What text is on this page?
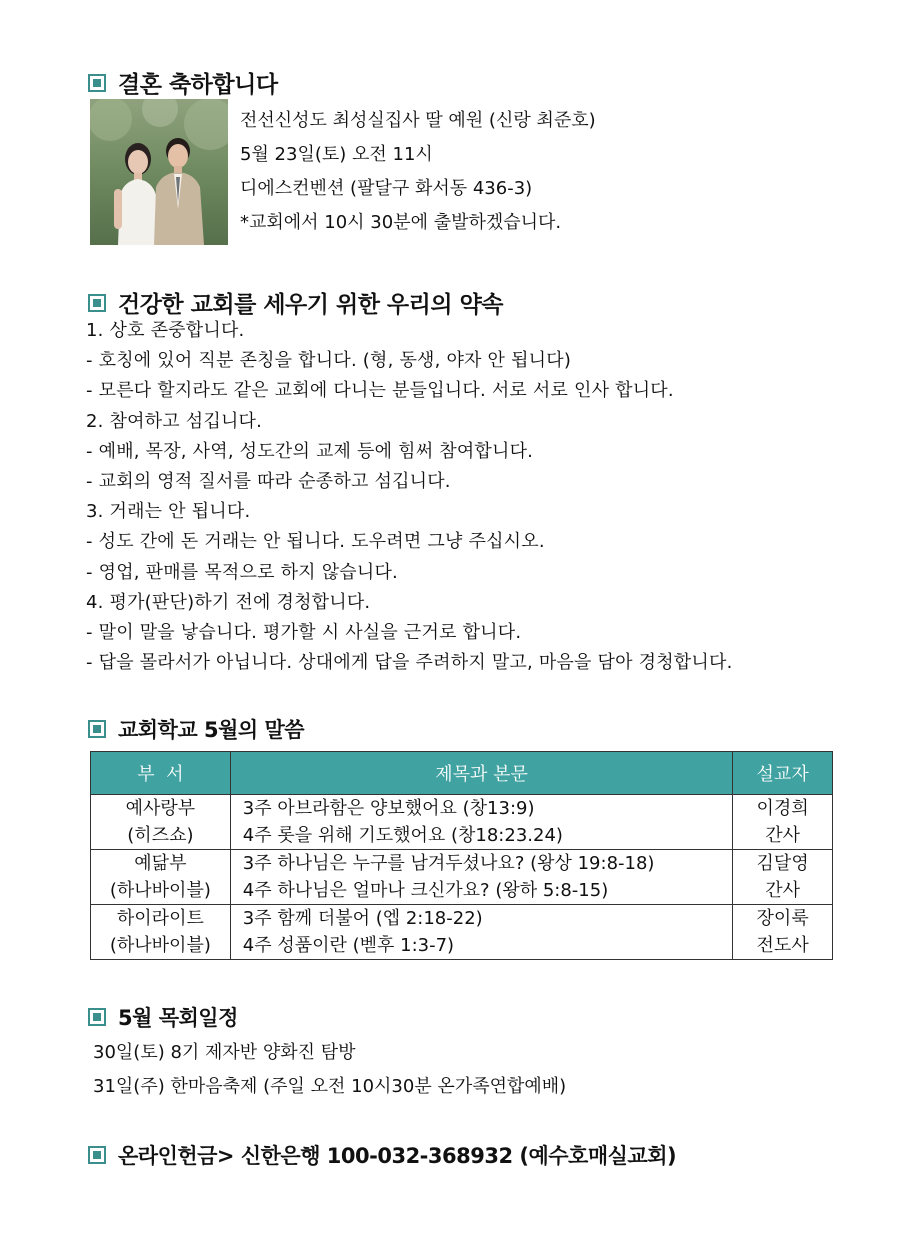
결혼 축하합니다
전선신성도 최성실집사 딸 예원 (신랑 최준호)
5월 23일(토) 오전 11시
디에스컨벤션 (팔달구 화서동 436-3)
*교회에서 10시 30분에 출발하겠습니다.
건강한 교회를 세우기 위한 우리의 약속
1. 상호 존중합니다.
- 호칭에 있어 직분 존칭을 합니다. (형, 동생, 야자 안 됩니다)
- 모른다 할지라도 같은 교회에 다니는 분들입니다. 서로 서로 인사 합니다.
2. 참여하고 섬깁니다.
- 예배, 목장, 사역, 성도간의 교제 등에 힘써 참여합니다.
- 교회의 영적 질서를 따라 순종하고 섬깁니다.
3. 거래는 안 됩니다.
- 성도 간에 돈 거래는 안 됩니다. 도우려면 그냥 주십시오.
- 영업, 판매를 목적으로 하지 않습니다.
4. 평가(판단)하기 전에 경청합니다.
- 말이 말을 낳습니다. 평가할 시 사실을 근거로 합니다.
- 답을 몰라서가 아닙니다. 상대에게 답을 주려하지 말고, 마음을 담아 경청합니다.
교회학교 5월의 말씀
부  서	제목과 본문	설교자
예사랑부	3주 아브라함은 양보했어요 (창13:9)	이경희
(히즈쇼)	4주 롯을 위해 기도했어요 (창18:23.24)	간사
예닮부	3주 하나님은 누구를 남겨두셨나요? (왕상 19:8-18)	김달영
(하나바이블)	4주 하나님은 얼마나 크신가요? (왕하 5:8-15)	간사
하이라이트	3주 함께 더불어 (엡 2:18-22)	장이룩
(하나바이블)	4주 성품이란 (벧후 1:3-7)	전도사
5월 목회일정
30일(토) 8기 제자반 양화진 탐방
31일(주) 한마음축제 (주일 오전 10시30분 온가족연합예배)
온라인헌금> 신한은행 100-032-368932 (예수호매실교회)
